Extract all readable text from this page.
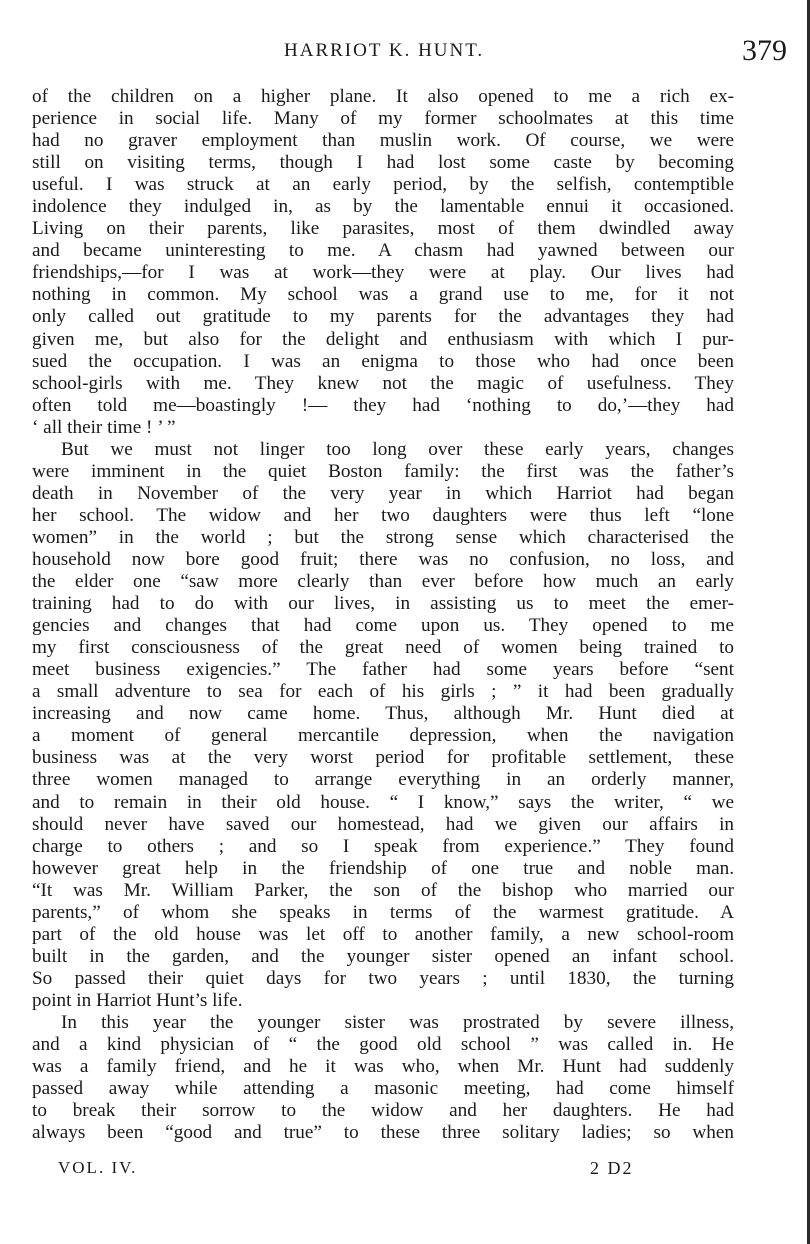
HARRIOT K. HUNT.	379
of the children on a higher plane. It also opened to me a rich ex-
perience in social life. Many of my former schoolmates at this time
had no graver employment than muslin work. Of course, we were
still on visiting terms, though I had lost some caste by becoming
useful. I was struck at an early period, by the selfish, contemptible
indolence they indulged in, as by the lamentable ennui it occasioned.
Living on their parents, like parasites, most of them dwindled away
and became uninteresting to me. A chasm had yawned between our
friendships,—for I was at work—they were at play. Our lives had
nothing in common. My school was a grand use to me, for it not
only called out gratitude to my parents for the advantages they had
given me, but also for the delight and enthusiasm with which I pur-
sued the occupation. I was an enigma to those who had once been
school-girls with me. They knew not the magic of usefulness. They
often told me—boastingly !— they had ‘nothing to do,’—they had
‘ all their time ! ’ ”
But we must not linger too long over these early years, changes
were imminent in the quiet Boston family: the first was the father’s
death in November of the very year in which Harriot had began
her school. The widow and her two daughters were thus left “lone
women” in the world ; but the strong sense which characterised the
household now bore good fruit; there was no confusion, no loss, and
the elder one “saw more clearly than ever before how much an early
training had to do with our lives, in assisting us to meet the emer-
gencies and changes that had come upon us. They opened to me
my first consciousness of the great need of women being trained to
meet business exigencies.” The father had some years before “sent
a small adventure to sea for each of his girls ; ” it had been gradually
increasing and now came home. Thus, although Mr. Hunt died at
a moment of general mercantile depression, when the navigation
business was at the very worst period for profitable settlement, these
three women managed to arrange everything in an orderly manner,
and to remain in their old house. “ I know,” says the writer, “ we
should never have saved our homestead, had we given our affairs in
charge to others ; and so I speak from experience.” They found
however great help in the friendship of one true and noble man.
“It was Mr. William Parker, the son of the bishop who married our
parents,” of whom she speaks in terms of the warmest gratitude. A
part of the old house was let off to another family, a new school-room
built in the garden, and the younger sister opened an infant school.
So passed their quiet days for two years ; until 1830, the turning
point in Harriot Hunt’s life.
In this year the younger sister was prostrated by severe illness,
and a kind physician of “ the good old school ” was called in. He
was a family friend, and he it was who, when Mr. Hunt had suddenly
passed away while attending a masonic meeting, had come himself
to break their sorrow to the widow and her daughters. He had
always been “good and true” to these three solitary ladies; so when
VOL. IV.	2 D2
